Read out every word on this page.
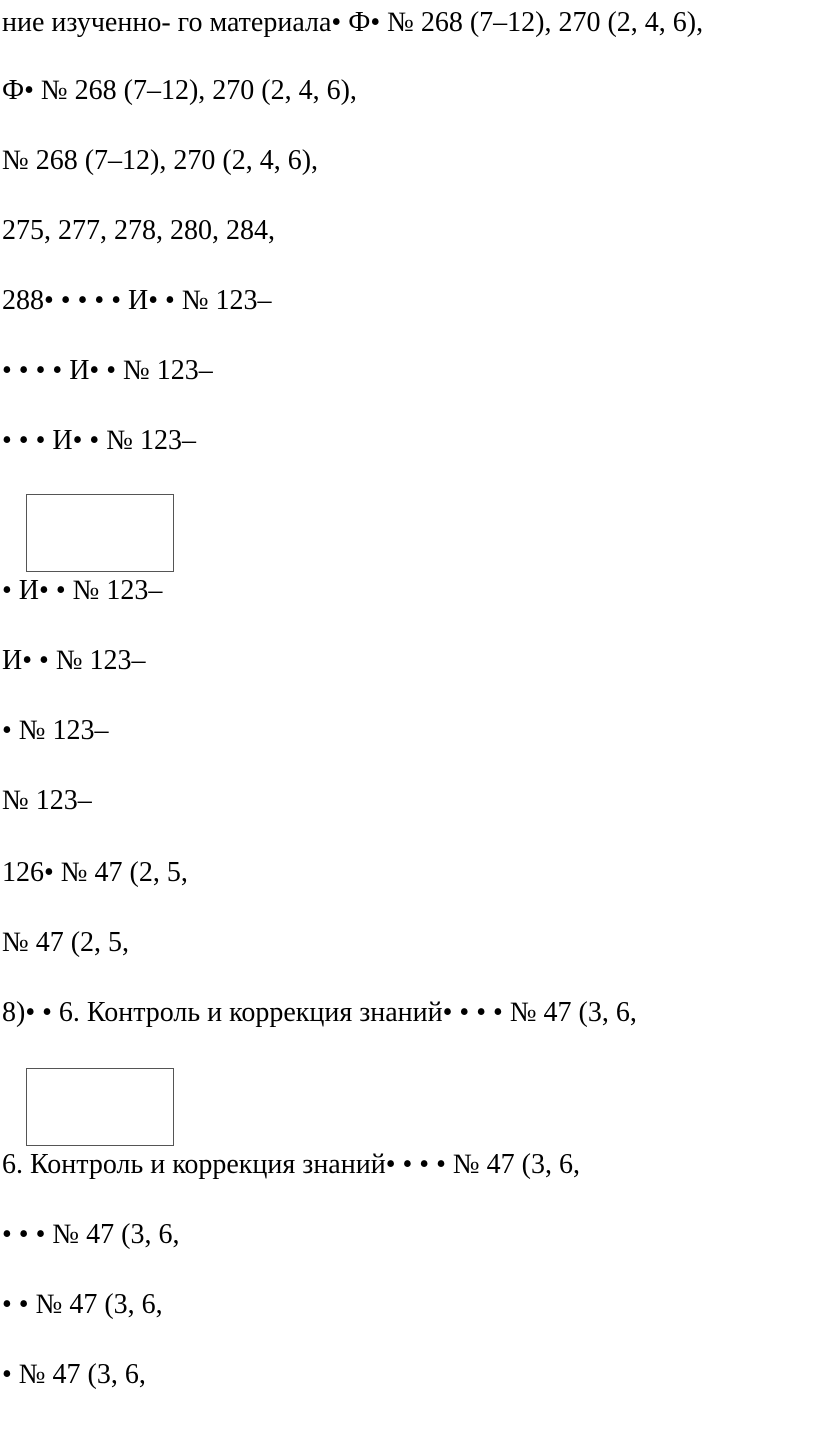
ние изученно- го материала• Ф• № 268 (7–12), 270 (2, 4, 6),
Ф• № 268 (7–12), 270 (2, 4, 6),
№ 268 (7–12), 270 (2, 4, 6),
275, 277, 278, 280, 284,
288• • • • • И• • № 123–
• • • • И• • № 123–
• • • И• • № 123–
• И• • № 123–
И• • № 123–
• № 123–
№ 123–
126• № 47 (2, 5,
№ 47 (2, 5,
8)• • 6. Контроль и коррекция знаний• • • • № 47 (3, 6,
6. Контроль и коррекция знаний• • • • № 47 (3, 6,
• • • № 47 (3, 6,
• • № 47 (3, 6,
• № 47 (3, 6,
